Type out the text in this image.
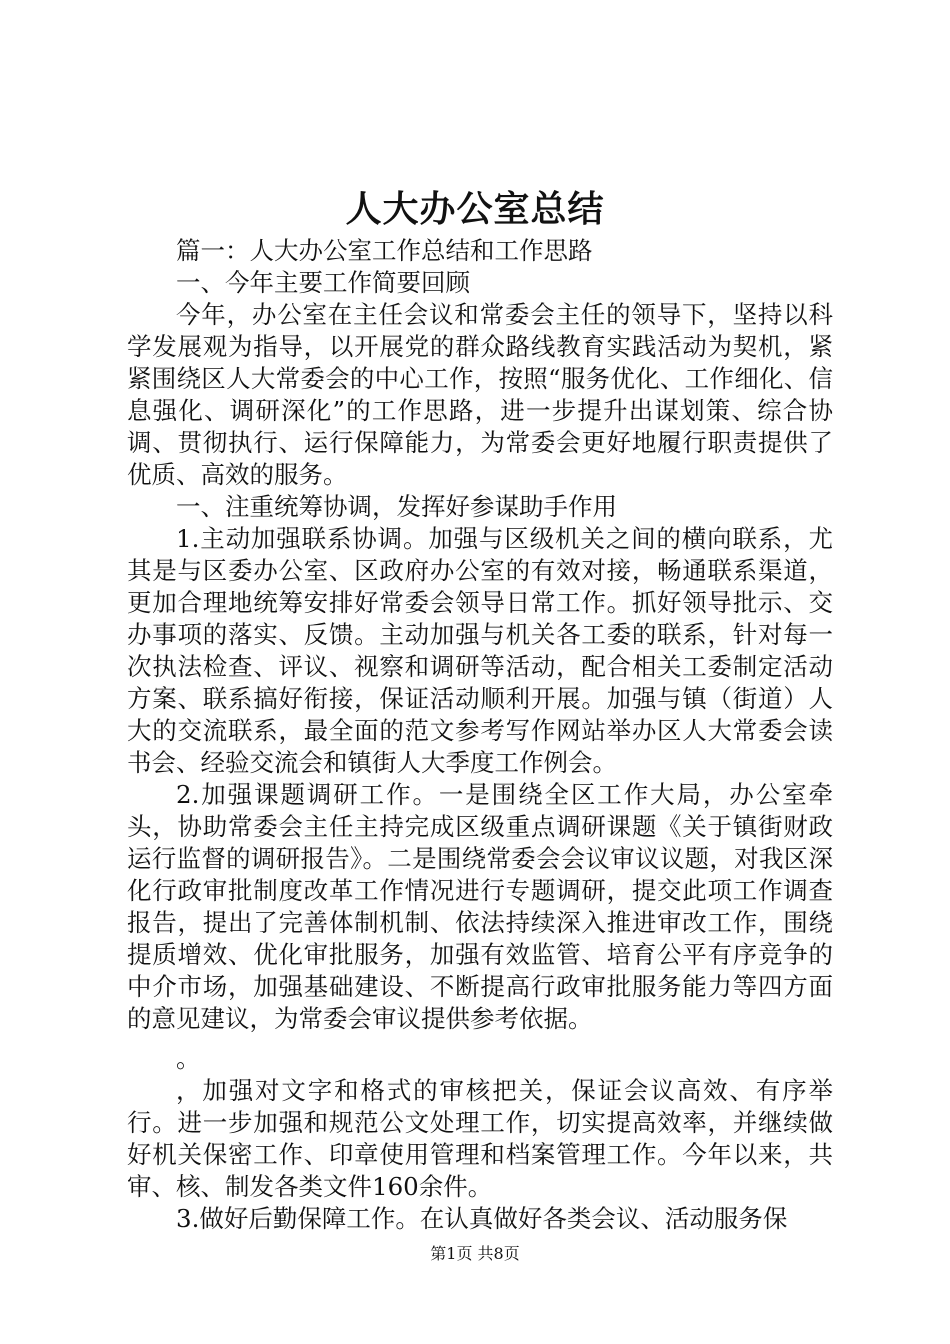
人大办公室总结

篇一：人大办公室工作总结和工作思路

一、今年主要工作简要回顾

今年，办公室在主任会议和常委会主任的领导下，坚持以科学发展观为指导，以开展党的群众路线教育实践活动为契机，紧紧围绕区人大常委会的中心工作，按照“服务优化、工作细化、信息强化、调研深化”的工作思路，进一步提升出谋划策、综合协调、贯彻执行、运行保障能力，为常委会更好地履行职责提供了优质、高效的服务。

一、注重统筹协调，发挥好参谋助手作用

1.主动加强联系协调。加强与区级机关之间的横向联系，尤其是与区委办公室、区政府办公室的有效对接，畅通联系渠道，更加合理地统筹安排好常委会领导日常工作。抓好领导批示、交办事项的落实、反馈。主动加强与机关各工委的联系，针对每一次执法检查、评议、视察和调研等活动，配合相关工委制定活动方案、联系搞好衔接，保证活动顺利开展。加强与镇（街道）人大的交流联系，最全面的范文参考写作网站举办区人大常委会读书会、经验交流会和镇街人大季度工作例会。

2.加强课题调研工作。一是围绕全区工作大局，办公室牵头，协助常委会主任主持完成区级重点调研课题《关于镇街财政运行监督的调研报告》。二是围绕常委会会议审议议题，对我区深化行政审批制度改革工作情况进行专题调研，提交此项工作调查报告，提出了完善体制机制、依法持续深入推进审改工作，围绕提质增效、优化审批服务，加强有效监管、培育公平有序竞争的中介市场，加强基础建设、不断提高行政审批服务能力等四方面的意见建议，为常委会审议提供参考依据。

。

，加强对文字和格式的审核把关，保证会议高效、有序举行。进一步加强和规范公文处理工作，切实提高效率，并继续做好机关保密工作、印章使用管理和档案管理工作。今年以来，共审、核、制发各类文件160余件。

3.做好后勤保障工作。在认真做好各类会议、活动服务保

第1页 共8页
